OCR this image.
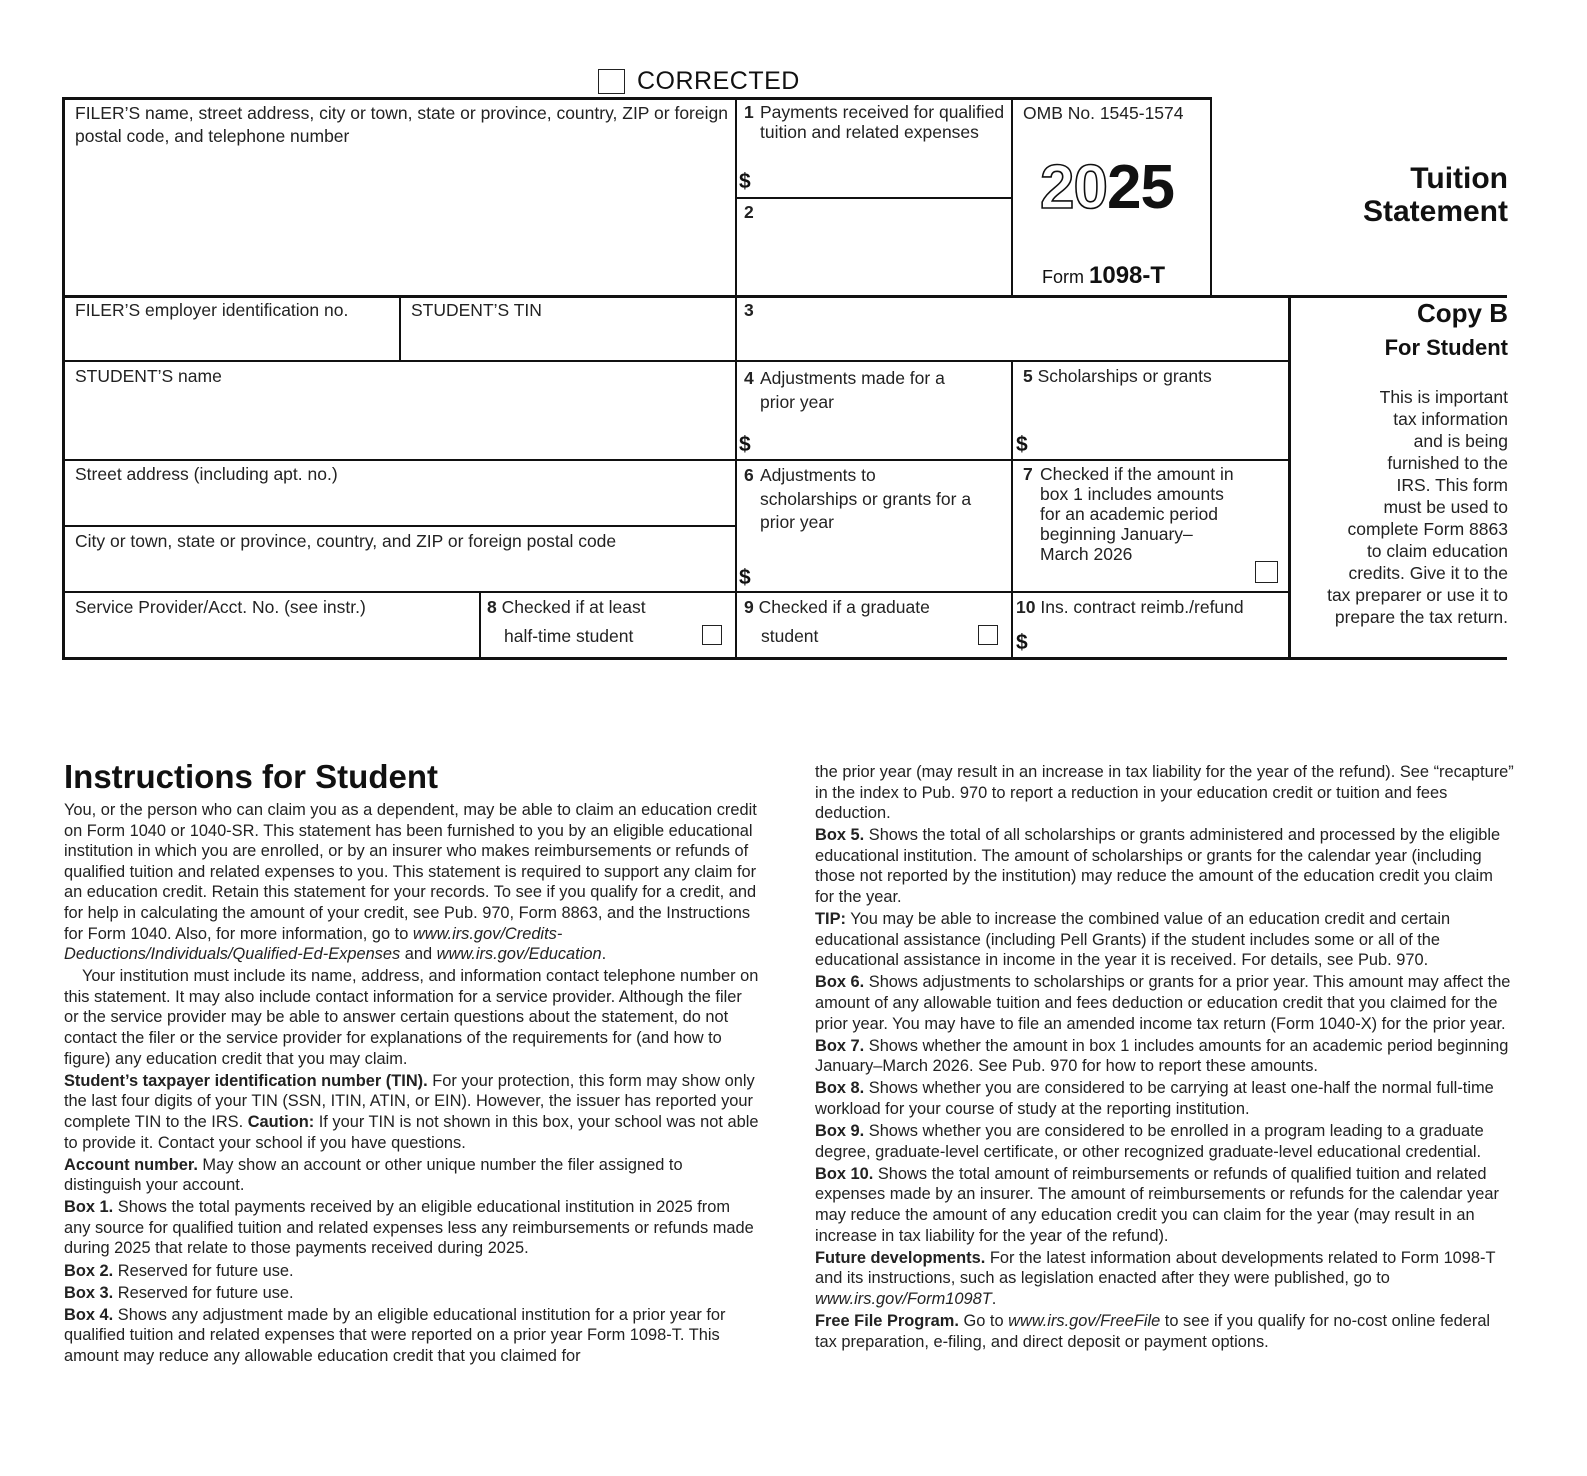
CORRECTED
FILER’S name, street address, city or town, state or province, country, ZIP or foreign postal code, and telephone number
FILER’S employer identification no.	STUDENT’S TIN
STUDENT’S name
Street address (including apt. no.)
City or town, state or province, country, and ZIP or foreign postal code
Service Provider/Acct. No. (see instr.)	8 Checked if at least
half-time student
1 Payments received for qualified tuition and related expenses
$
2
3
4 Adjustments made for a prior year
$
5 Scholarships or grants
$
6 Adjustments to scholarships or grants for a prior year
$
7 Checked if the amount in box 1 includes amounts for an academic period beginning January–March 2026
9 Checked if a graduate
student
10 Ins. contract reimb./refund
$
OMB No. 1545-1574
2025
Form 1098-T
Tuition
Statement
Copy B
For Student
This is important
tax information
and is being
furnished to the
IRS. This form
must be used to
complete Form 8863
to claim education
credits. Give it to the
tax preparer or use it to
prepare the tax return.
Instructions for Student

You, or the person who can claim you as a dependent, may be able to claim an education credit on Form 1040 or 1040-SR. This statement has been furnished to you by an eligible educational institution in which you are enrolled, or by an insurer who makes reimbursements or refunds of qualified tuition and related expenses to you. This statement is required to support any claim for an education credit. Retain this statement for your records. To see if you qualify for a credit, and for help in calculating the amount of your credit, see Pub. 970, Form 8863, and the Instructions for Form 1040. Also, for more information, go to www.irs.gov/Credits-Deductions/Individuals/Qualified-Ed-Expenses and www.irs.gov/Education.

Your institution must include its name, address, and information contact telephone number on this statement. It may also include contact information for a service provider. Although the filer or the service provider may be able to answer certain questions about the statement, do not contact the filer or the service provider for explanations of the requirements for (and how to figure) any education credit that you may claim.

Student’s taxpayer identification number (TIN). For your protection, this form may show only the last four digits of your TIN (SSN, ITIN, ATIN, or EIN). However, the issuer has reported your complete TIN to the IRS. Caution: If your TIN is not shown in this box, your school was not able to provide it. Contact your school if you have questions.

Account number. May show an account or other unique number the filer assigned to distinguish your account.

Box 1. Shows the total payments received by an eligible educational institution in 2025 from any source for qualified tuition and related expenses less any reimbursements or refunds made during 2025 that relate to those payments received during 2025.

Box 2. Reserved for future use.

Box 3. Reserved for future use.

Box 4. Shows any adjustment made by an eligible educational institution for a prior year for qualified tuition and related expenses that were reported on a prior year Form 1098-T. This amount may reduce any allowable education credit that you claimed for

the prior year (may result in an increase in tax liability for the year of the refund). See “recapture” in the index to Pub. 970 to report a reduction in your education credit or tuition and fees deduction.

Box 5. Shows the total of all scholarships or grants administered and processed by the eligible educational institution. The amount of scholarships or grants for the calendar year (including those not reported by the institution) may reduce the amount of the education credit you claim for the year.

TIP: You may be able to increase the combined value of an education credit and certain educational assistance (including Pell Grants) if the student includes some or all of the educational assistance in income in the year it is received. For details, see Pub. 970.

Box 6. Shows adjustments to scholarships or grants for a prior year. This amount may affect the amount of any allowable tuition and fees deduction or education credit that you claimed for the prior year. You may have to file an amended income tax return (Form 1040-X) for the prior year.

Box 7. Shows whether the amount in box 1 includes amounts for an academic period beginning January–March 2026. See Pub. 970 for how to report these amounts.

Box 8. Shows whether you are considered to be carrying at least one-half the normal full-time workload for your course of study at the reporting institution.

Box 9. Shows whether you are considered to be enrolled in a program leading to a graduate degree, graduate-level certificate, or other recognized graduate-level educational credential.

Box 10. Shows the total amount of reimbursements or refunds of qualified tuition and related expenses made by an insurer. The amount of reimbursements or refunds for the calendar year may reduce the amount of any education credit you can claim for the year (may result in an increase in tax liability for the year of the refund).

Future developments. For the latest information about developments related to Form 1098-T and its instructions, such as legislation enacted after they were published, go to www.irs.gov/Form1098T.

Free File Program. Go to www.irs.gov/FreeFile to see if you qualify for no-cost online federal tax preparation, e-filing, and direct deposit or payment options.
